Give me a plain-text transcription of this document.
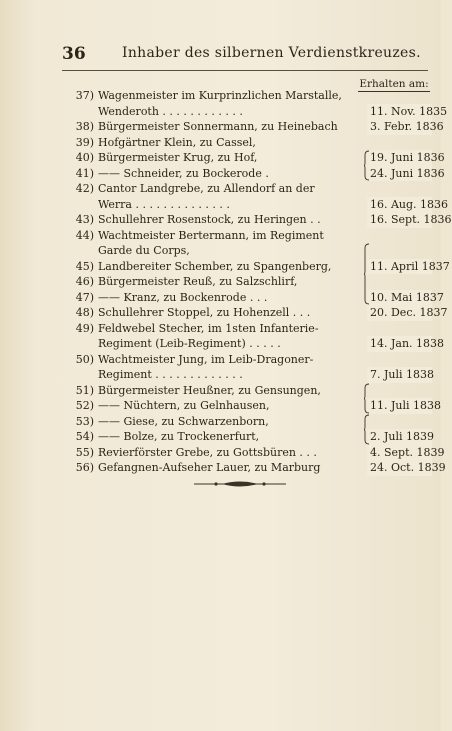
36	Inhaber des silbernen Verdienstkreuzes.
Erhalten am:
37) Wagenmeister im Kurprinzlichen Marstalle,
Wenderoth . . . . . . . . . . . .	11. Nov. 1835
38) Bürgermeister Sonnermann, zu Heinebach	3. Febr. 1836
39) Hofgärtner Klein, zu Cassel,
40) Bürgermeister Krug, zu Hof,	19. Juni 1836
41) —— Schneider, zu Bockerode .	24. Juni 1836
42) Cantor Landgrebe, zu Allendorf an der
Werra . . . . . . . . . . . . . .	16. Aug. 1836
43) Schullehrer Rosenstock, zu Heringen . .	16. Sept. 1836
44) Wachtmeister Bertermann, im Regiment
Garde du Corps,
45) Landbereiter Schember, zu Spangenberg,	11. April 1837
46) Bürgermeister Reuß, zu Salzschlirf,
47) —— Kranz, zu Bockenrode . . .	10. Mai 1837
48) Schullehrer Stoppel, zu Hohenzell . . .	20. Dec. 1837
49) Feldwebel Stecher, im 1sten Infanterie-
Regiment (Leib-Regiment) . . . . .	14. Jan. 1838
50) Wachtmeister Jung, im Leib-Dragoner-
Regiment . . . . . . . . . . . . .	7. Juli 1838
51) Bürgermeister Heußner, zu Gensungen,
52) —— Nüchtern, zu Gelnhausen,	11. Juli 1838
53) —— Giese, zu Schwarzenborn,
54) —— Bolze, zu Trockenerfurt,	2. Juli 1839
55) Revierförster Grebe, zu Gottsbüren . . .	4. Sept. 1839
56) Gefangnen-Aufseher Lauer, zu Marburg	24. Oct. 1839
